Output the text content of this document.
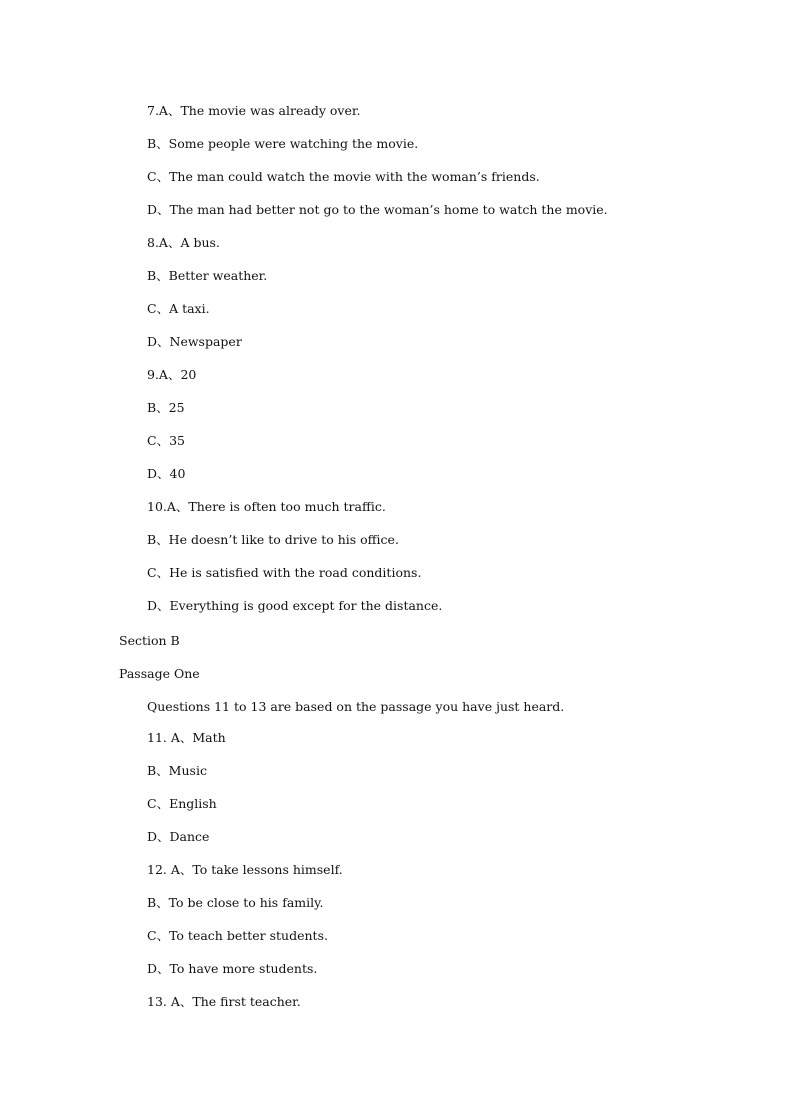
7.A、The movie was already over.
B、Some people were watching the movie.
C、The man could watch the movie with the woman’s friends.
D、The man had better not go to the woman’s home to watch the movie.
8.A、A bus.
B、Better weather.
C、A taxi.
D、Newspaper
9.A、20
B、25
C、35
D、40
10.A、There is often too much traffic.
B、He doesn’t like to drive to his office.
C、He is satisfied with the road conditions.
D、Everything is good except for the distance.
Section B
Passage One
Questions 11 to 13 are based on the passage you have just heard.
11. A、Math
B、Music
C、English
D、Dance
12. A、To take lessons himself.
B、To be close to his family.
C、To teach better students.
D、To have more students.
13. A、The first teacher.
